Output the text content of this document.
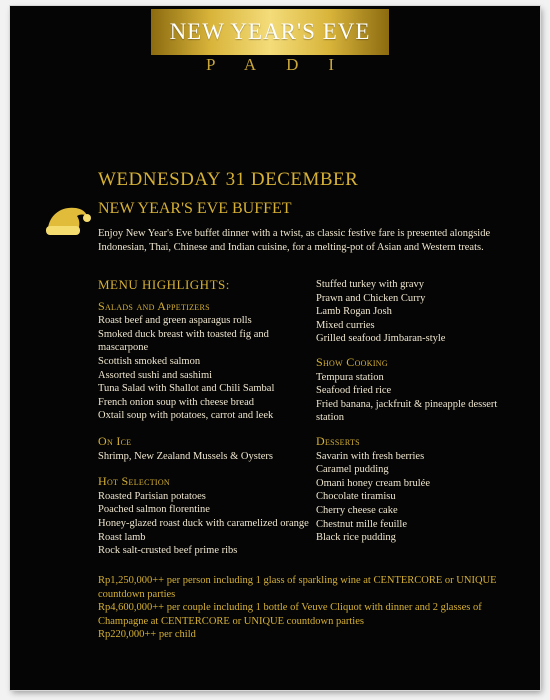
NEW YEAR'S EVE
PADI
WEDNESDAY 31 DECEMBER
NEW YEAR'S EVE BUFFET
Enjoy New Year's Eve buffet dinner with a twist, as classic festive fare is presented alongside Indonesian, Thai, Chinese and Indian cuisine, for a melting-pot of Asian and Western treats.
MENU HIGHLIGHTS:
Salads and Appetizers
Roast beef and green asparagus rolls
Smoked duck breast with toasted fig and mascarpone
Scottish smoked salmon
Assorted sushi and sashimi
Tuna Salad with Shallot and Chili Sambal
French onion soup with cheese bread
Oxtail soup with potatoes, carrot and leek
On Ice
Shrimp, New Zealand Mussels & Oysters
Hot Selection
Roasted Parisian potatoes
Poached salmon florentine
Honey-glazed roast duck with caramelized orange
Roast lamb
Rock salt-crusted beef prime ribs
Stuffed turkey with gravy
Prawn and Chicken Curry
Lamb Rogan Josh
Mixed curries
Grilled seafood Jimbaran-style
Show Cooking
Tempura station
Seafood fried rice
Fried banana, jackfruit & pineapple dessert station
Desserts
Savarin with fresh berries
Caramel pudding
Omani honey cream brulée
Chocolate tiramisu
Cherry cheese cake
Chestnut mille feuille
Black rice pudding
Rp1,250,000++ per person including 1 glass of sparkling wine at CENTERCORE or UNIQUE countdown parties
Rp4,600,000++ per couple including 1 bottle of Veuve Cliquot with dinner and 2 glasses of Champagne at CENTERCORE or UNIQUE countdown parties
Rp220,000++ per child
